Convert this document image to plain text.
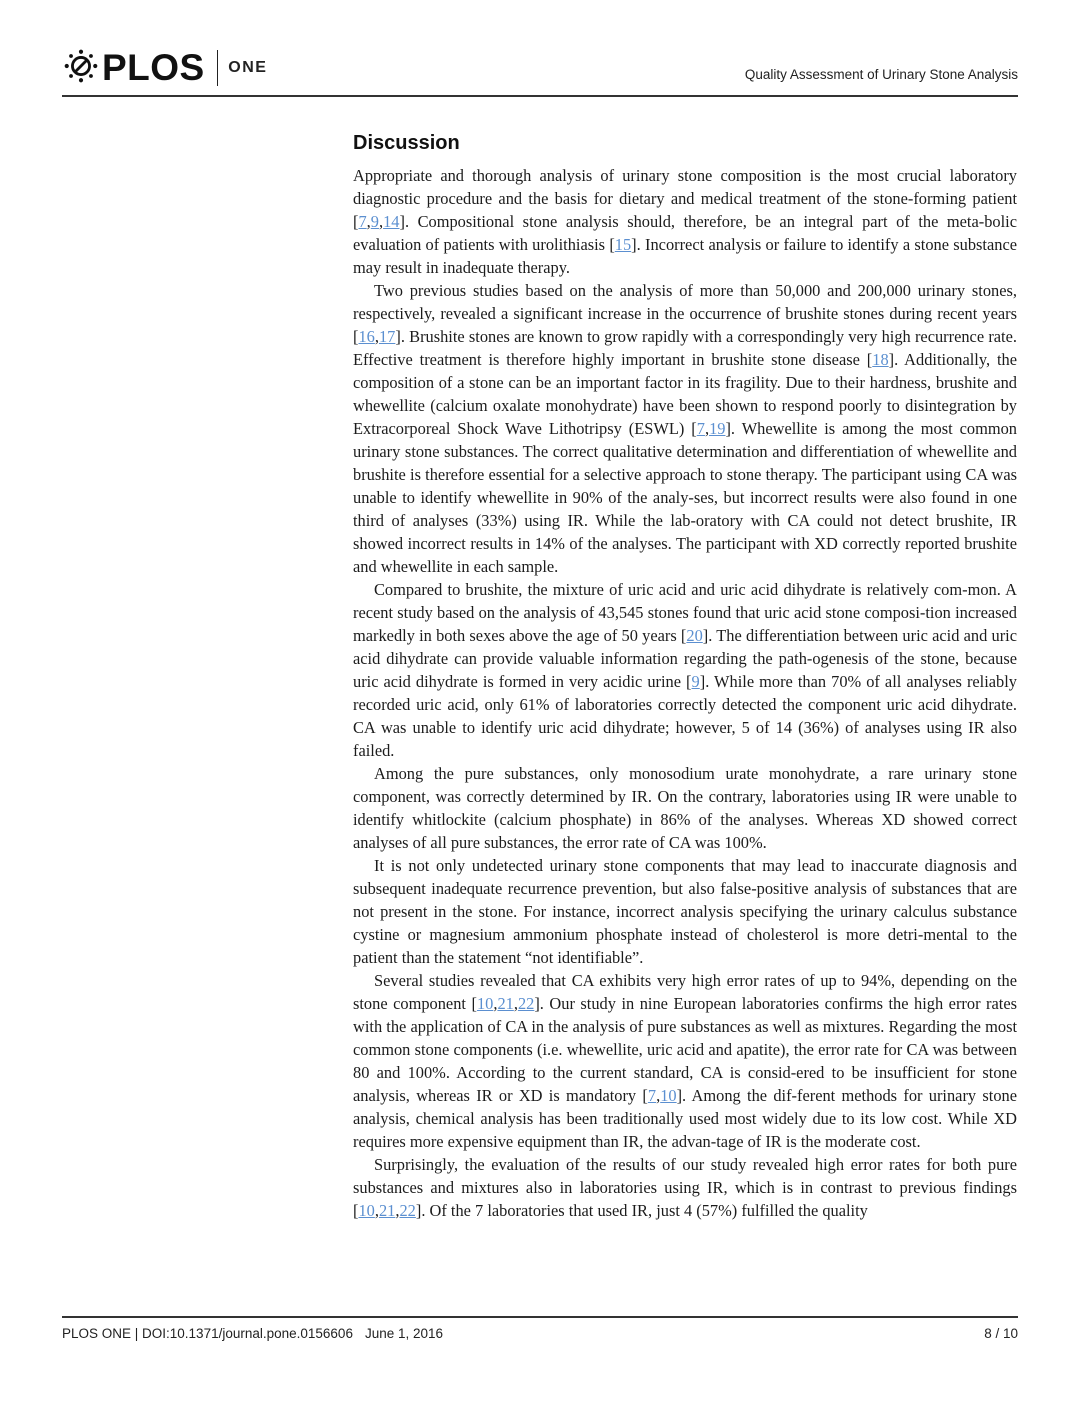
PLOS ONE	Quality Assessment of Urinary Stone Analysis
Discussion

Appropriate and thorough analysis of urinary stone composition is the most crucial laboratory diagnostic procedure and the basis for dietary and medical treatment of the stone-forming patient [7,9,14]. Compositional stone analysis should, therefore, be an integral part of the meta-bolic evaluation of patients with urolithiasis [15]. Incorrect analysis or failure to identify a stone substance may result in inadequate therapy.

Two previous studies based on the analysis of more than 50,000 and 200,000 urinary stones, respectively, revealed a significant increase in the occurrence of brushite stones during recent years [16,17]. Brushite stones are known to grow rapidly with a correspondingly very high recurrence rate. Effective treatment is therefore highly important in brushite stone disease [18]. Additionally, the composition of a stone can be an important factor in its fragility. Due to their hardness, brushite and whewellite (calcium oxalate monohydrate) have been shown to respond poorly to disintegration by Extracorporeal Shock Wave Lithotripsy (ESWL) [7,19]. Whewellite is among the most common urinary stone substances. The correct qualitative determination and differentiation of whewellite and brushite is therefore essential for a selective approach to stone therapy. The participant using CA was unable to identify whewellite in 90% of the analy-ses, but incorrect results were also found in one third of analyses (33%) using IR. While the lab-oratory with CA could not detect brushite, IR showed incorrect results in 14% of the analyses. The participant with XD correctly reported brushite and whewellite in each sample.

Compared to brushite, the mixture of uric acid and uric acid dihydrate is relatively com-mon. A recent study based on the analysis of 43,545 stones found that uric acid stone composi-tion increased markedly in both sexes above the age of 50 years [20]. The differentiation between uric acid and uric acid dihydrate can provide valuable information regarding the path-ogenesis of the stone, because uric acid dihydrate is formed in very acidic urine [9]. While more than 70% of all analyses reliably recorded uric acid, only 61% of laboratories correctly detected the component uric acid dihydrate. CA was unable to identify uric acid dihydrate; however, 5 of 14 (36%) of analyses using IR also failed.

Among the pure substances, only monosodium urate monohydrate, a rare urinary stone component, was correctly determined by IR. On the contrary, laboratories using IR were unable to identify whitlockite (calcium phosphate) in 86% of the analyses. Whereas XD showed correct analyses of all pure substances, the error rate of CA was 100%.

It is not only undetected urinary stone components that may lead to inaccurate diagnosis and subsequent inadequate recurrence prevention, but also false-positive analysis of substances that are not present in the stone. For instance, incorrect analysis specifying the urinary calculus substance cystine or magnesium ammonium phosphate instead of cholesterol is more detri-mental to the patient than the statement “not identifiable”.

Several studies revealed that CA exhibits very high error rates of up to 94%, depending on the stone component [10,21,22]. Our study in nine European laboratories confirms the high error rates with the application of CA in the analysis of pure substances as well as mixtures. Regarding the most common stone components (i.e. whewellite, uric acid and apatite), the error rate for CA was between 80 and 100%. According to the current standard, CA is consid-ered to be insufficient for stone analysis, whereas IR or XD is mandatory [7,10]. Among the dif-ferent methods for urinary stone analysis, chemical analysis has been traditionally used most widely due to its low cost. While XD requires more expensive equipment than IR, the advan-tage of IR is the moderate cost.

Surprisingly, the evaluation of the results of our study revealed high error rates for both pure substances and mixtures also in laboratories using IR, which is in contrast to previous findings [10,21,22]. Of the 7 laboratories that used IR, just 4 (57%) fulfilled the quality

PLOS ONE | DOI:10.1371/journal.pone.0156606 June 1, 2016	8 / 10
